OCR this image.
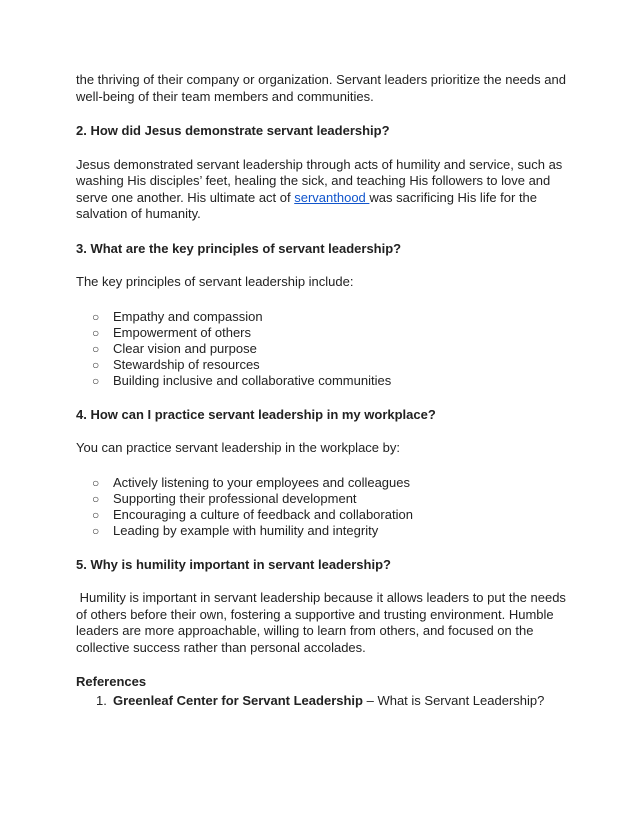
the thriving of their company or organization. Servant leaders prioritize the needs and
well-being of their team members and communities.

2. How did Jesus demonstrate servant leadership?

Jesus demonstrated servant leadership through acts of humility and service, such as washing His disciples’ feet, healing the sick, and teaching His followers to love and serve one another. His ultimate act of servanthood was sacrificing His life for the salvation of humanity.

3. What are the key principles of servant leadership?

The key principles of servant leadership include:

○ Empathy and compassion
○ Empowerment of others
○ Clear vision and purpose
○ Stewardship of resources
○ Building inclusive and collaborative communities
4. How can I practice servant leadership in my workplace?

You can practice servant leadership in the workplace by:

○ Actively listening to your employees and colleagues
○ Supporting their professional development
○ Encouraging a culture of feedback and collaboration
○ Leading by example with humility and integrity
5. Why is humility important in servant leadership?

Humility is important in servant leadership because it allows leaders to put the needs of others before their own, fostering a supportive and trusting environment. Humble leaders are more approachable, willing to learn from others, and focused on the collective success rather than personal accolades.

References

1. Greenleaf Center for Servant Leadership – What is Servant Leadership?
